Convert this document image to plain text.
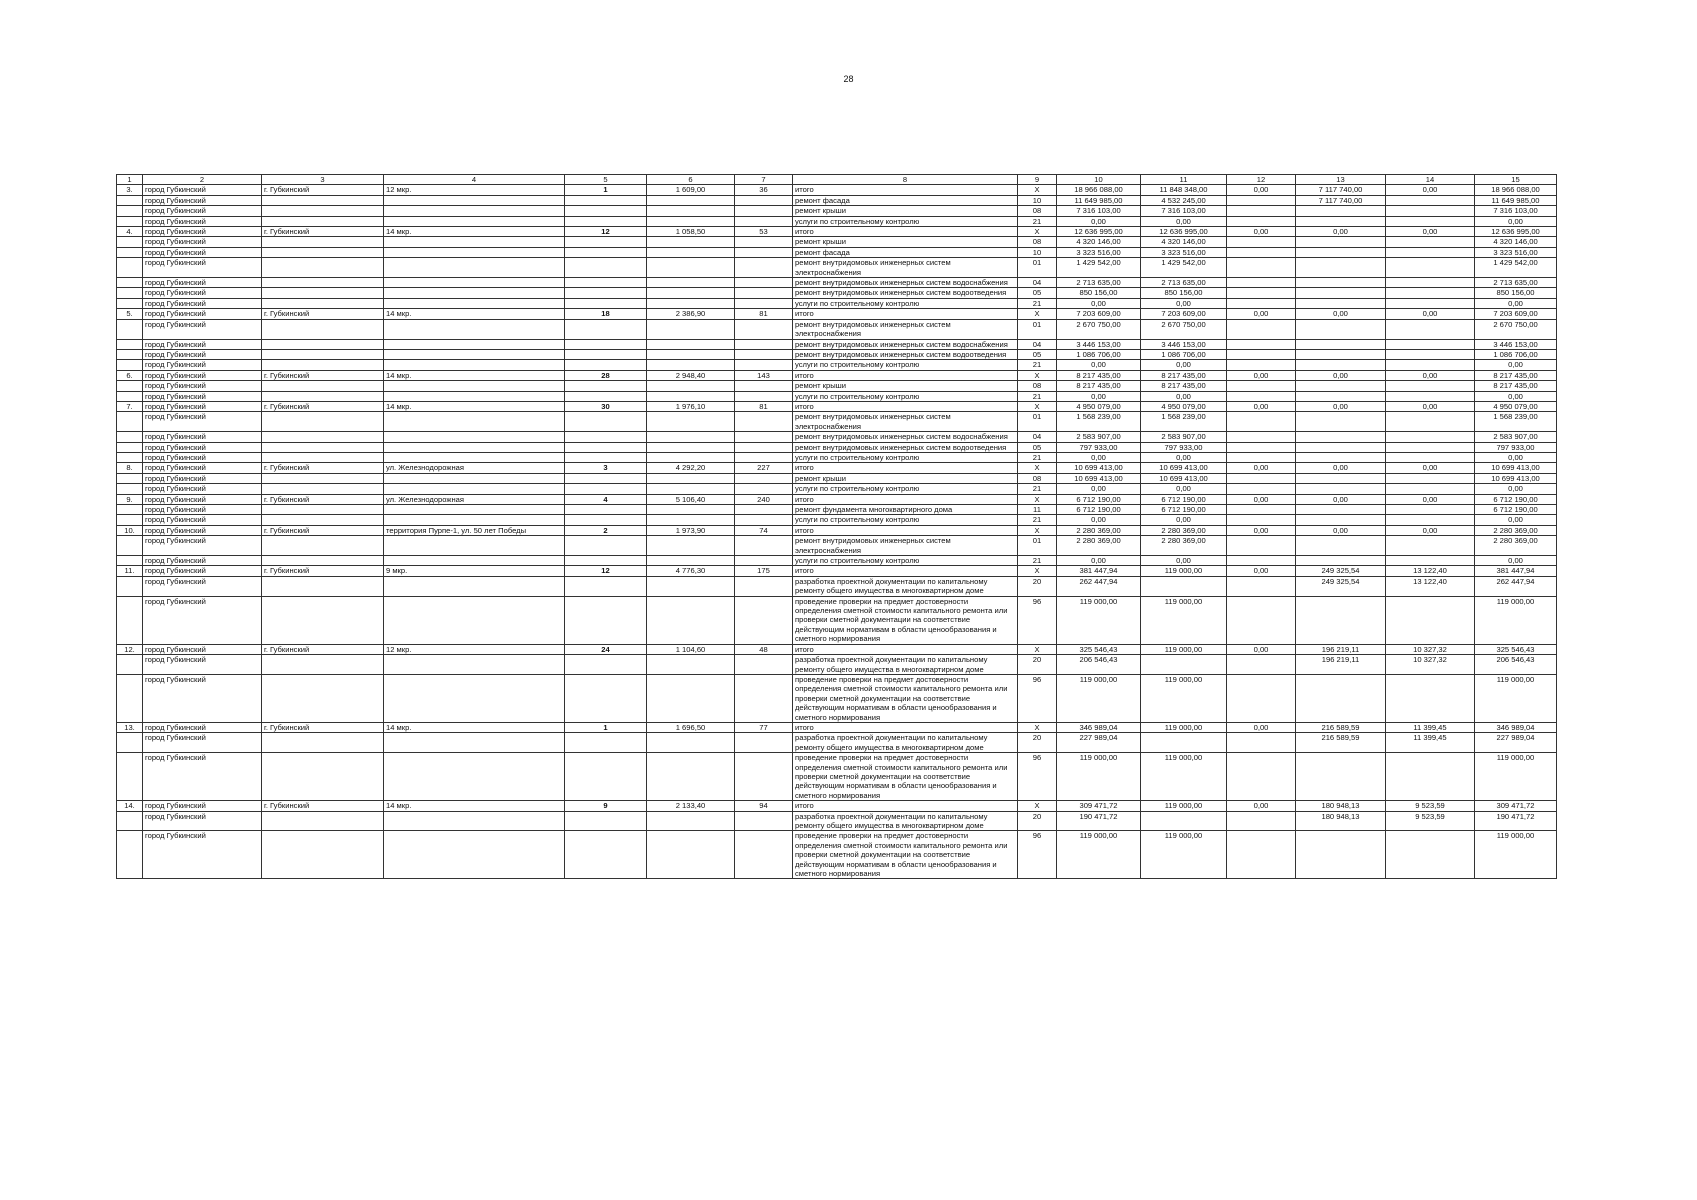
28
1	2	3	4	5	6	7	8	9	10	11	12	13	14	15
3.	город Губкинский	г. Губкинский	12 мкр.	1	1 609,00	36	итого	X	18 966 088,00	11 848 348,00	0,00	7 117 740,00	0,00	18 966 088,00
	город Губкинский						ремонт фасада	10	11 649 985,00	4 532 245,00		7 117 740,00		11 649 985,00
	город Губкинский						ремонт крыши	08	7 316 103,00	7 316 103,00				7 316 103,00
	город Губкинский						услуги по строительному контролю	21	0,00	0,00				0,00
4.	город Губкинский	г. Губкинский	14 мкр.	12	1 058,50	53	итого	X	12 636 995,00	12 636 995,00	0,00	0,00	0,00	12 636 995,00
	город Губкинский						ремонт крыши	08	4 320 146,00	4 320 146,00				4 320 146,00
	город Губкинский						ремонт фасада	10	3 323 516,00	3 323 516,00				3 323 516,00
	город Губкинский						ремонт внутридомовых инженерных систем электроснабжения	01	1 429 542,00	1 429 542,00				1 429 542,00
	город Губкинский						ремонт внутридомовых инженерных систем водоснабжения	04	2 713 635,00	2 713 635,00				2 713 635,00
	город Губкинский						ремонт внутридомовых инженерных систем водоотведения	05	850 156,00	850 156,00				850 156,00
	город Губкинский						услуги по строительному контролю	21	0,00	0,00				0,00
5.	город Губкинский	г. Губкинский	14 мкр.	18	2 386,90	81	итого	X	7 203 609,00	7 203 609,00	0,00	0,00	0,00	7 203 609,00
	город Губкинский						ремонт внутридомовых инженерных систем электроснабжения	01	2 670 750,00	2 670 750,00				2 670 750,00
	город Губкинский						ремонт внутридомовых инженерных систем водоснабжения	04	3 446 153,00	3 446 153,00				3 446 153,00
	город Губкинский						ремонт внутридомовых инженерных систем водоотведения	05	1 086 706,00	1 086 706,00				1 086 706,00
	город Губкинский						услуги по строительному контролю	21	0,00	0,00				0,00
6.	город Губкинский	г. Губкинский	14 мкр.	28	2 948,40	143	итого	X	8 217 435,00	8 217 435,00	0,00	0,00	0,00	8 217 435,00
	город Губкинский						ремонт крыши	08	8 217 435,00	8 217 435,00				8 217 435,00
	город Губкинский						услуги по строительному контролю	21	0,00	0,00				0,00
7.	город Губкинский	г. Губкинский	14 мкр.	30	1 976,10	81	итого	X	4 950 079,00	4 950 079,00	0,00	0,00	0,00	4 950 079,00
	город Губкинский						ремонт внутридомовых инженерных систем электроснабжения	01	1 568 239,00	1 568 239,00				1 568 239,00
	город Губкинский						ремонт внутридомовых инженерных систем водоснабжения	04	2 583 907,00	2 583 907,00				2 583 907,00
	город Губкинский						ремонт внутридомовых инженерных систем водоотведения	05	797 933,00	797 933,00				797 933,00
	город Губкинский						услуги по строительному контролю	21	0,00	0,00				0,00
8.	город Губкинский	г. Губкинский	ул. Железнодорожная	3	4 292,20	227	итого	X	10 699 413,00	10 699 413,00	0,00	0,00	0,00	10 699 413,00
	город Губкинский						ремонт крыши	08	10 699 413,00	10 699 413,00				10 699 413,00
	город Губкинский						услуги по строительному контролю	21	0,00	0,00				0,00
9.	город Губкинский	г. Губкинский	ул. Железнодорожная	4	5 106,40	240	итого	X	6 712 190,00	6 712 190,00	0,00	0,00	0,00	6 712 190,00
	город Губкинский						ремонт фундамента многоквартирного дома	11	6 712 190,00	6 712 190,00				6 712 190,00
	город Губкинский						услуги по строительному контролю	21	0,00	0,00				0,00
10.	город Губкинский	г. Губкинский	территория Пурпе-1, ул. 50 лет Победы	2	1 973,90	74	итого	X	2 280 369,00	2 280 369,00	0,00	0,00	0,00	2 280 369,00
	город Губкинский						ремонт внутридомовых инженерных систем электроснабжения	01	2 280 369,00	2 280 369,00				2 280 369,00
	город Губкинский						услуги по строительному контролю	21	0,00	0,00				0,00
11.	город Губкинский	г. Губкинский	9 мкр.	12	4 776,30	175	итого	X	381 447,94	119 000,00	0,00	249 325,54	13 122,40	381 447,94
	город Губкинский						разработка проектной документации по капитальному ремонту общего имущества в многоквартирном доме	20	262 447,94			249 325,54	13 122,40	262 447,94
	город Губкинский						проведение проверки на предмет достоверности определения сметной стоимости капитального ремонта или проверки сметной документации на соответствие действующим нормативам в области ценообразования и сметного нормирования	96	119 000,00	119 000,00				119 000,00
12.	город Губкинский	г. Губкинский	12 мкр.	24	1 104,60	48	итого	X	325 546,43	119 000,00	0,00	196 219,11	10 327,32	325 546,43
	город Губкинский						разработка проектной документации по капитальному ремонту общего имущества в многоквартирном доме	20	206 546,43			196 219,11	10 327,32	206 546,43
	город Губкинский						проведение проверки на предмет достоверности определения сметной стоимости капитального ремонта или проверки сметной документации на соответствие действующим нормативам в области ценообразования и сметного нормирования	96	119 000,00	119 000,00				119 000,00
13.	город Губкинский	г. Губкинский	14 мкр.	1	1 696,50	77	итого	X	346 989,04	119 000,00	0,00	216 589,59	11 399,45	346 989,04
	город Губкинский						разработка проектной документации по капитальному ремонту общего имущества в многоквартирном доме	20	227 989,04			216 589,59	11 399,45	227 989,04
	город Губкинский						проведение проверки на предмет достоверности определения сметной стоимости капитального ремонта или проверки сметной документации на соответствие действующим нормативам в области ценообразования и сметного нормирования	96	119 000,00	119 000,00				119 000,00
14.	город Губкинский	г. Губкинский	14 мкр.	9	2 133,40	94	итого	X	309 471,72	119 000,00	0,00	180 948,13	9 523,59	309 471,72
	город Губкинский						разработка проектной документации по капитальному ремонту общего имущества в многоквартирном доме	20	190 471,72			180 948,13	9 523,59	190 471,72
	город Губкинский						проведение проверки на предмет достоверности определения сметной стоимости капитального ремонта или проверки сметной документации на соответствие действующим нормативам в области ценообразования и сметного нормирования	96	119 000,00	119 000,00				119 000,00
